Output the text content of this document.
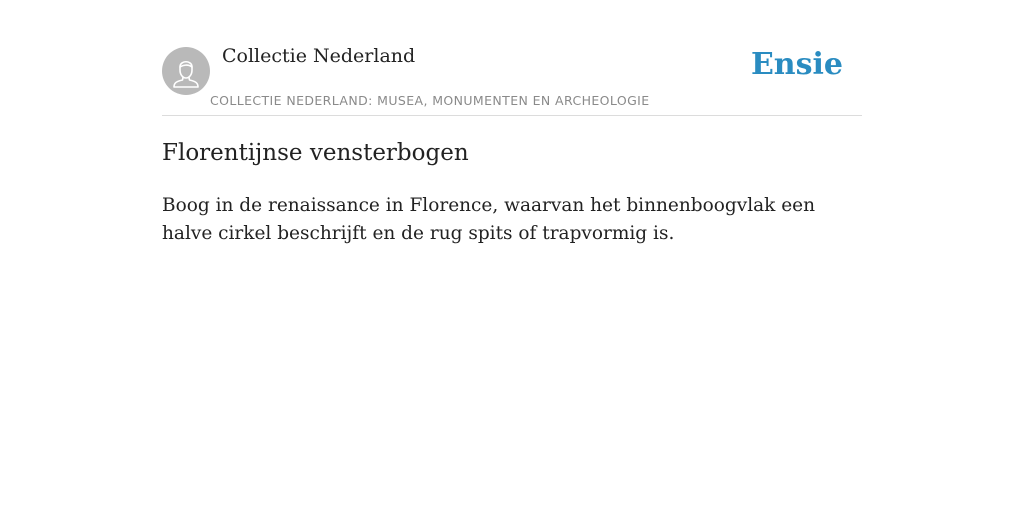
Collectie Nederland
COLLECTIE NEDERLAND: MUSEA, MONUMENTEN EN ARCHEOLOGIE
Ensie
Florentijnse vensterbogen

Boog in de renaissance in Florence, waarvan het binnenboogvlak een halve cirkel beschrijft en de rug spits of trapvormig is.
